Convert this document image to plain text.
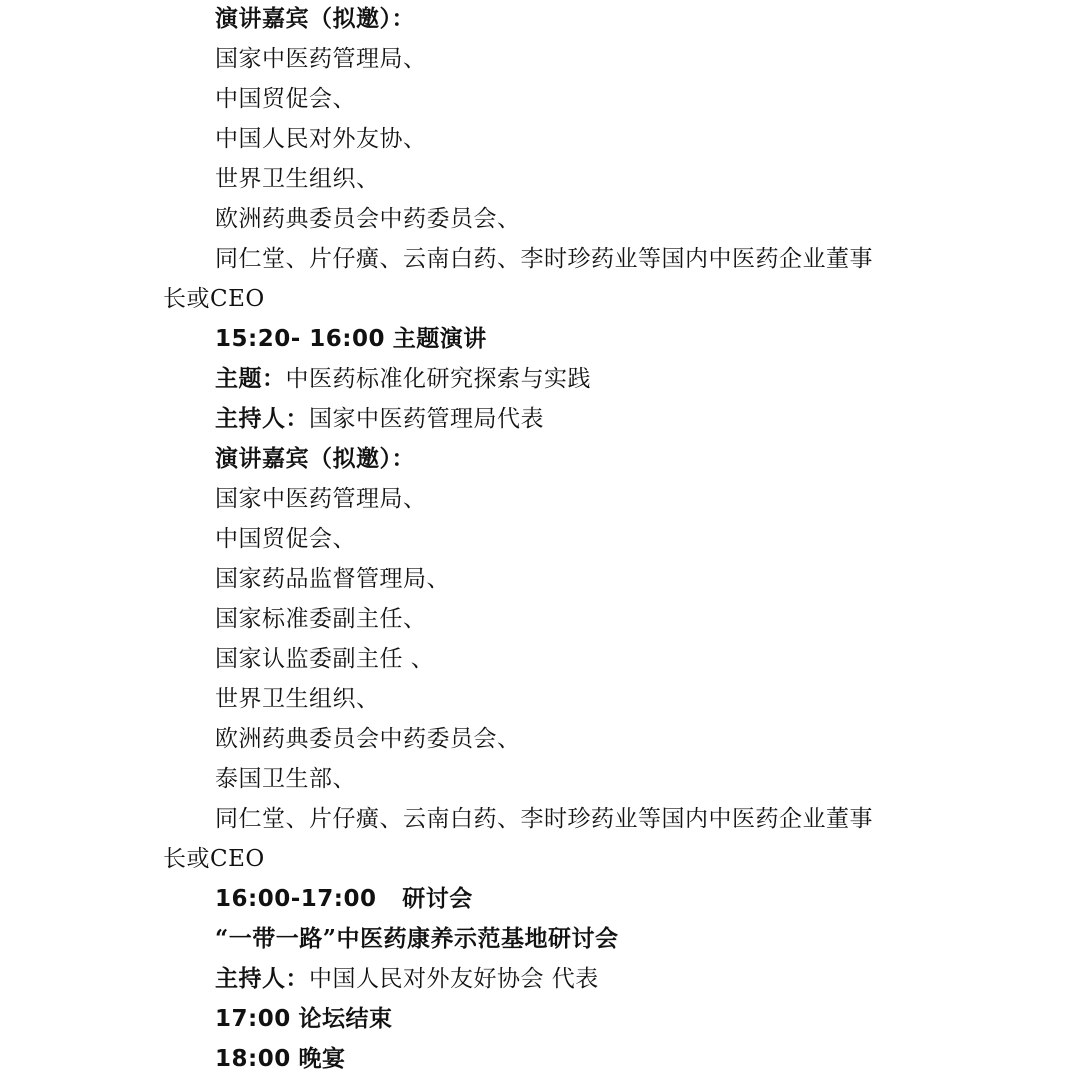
演讲嘉宾（拟邀）：
国家中医药管理局、
中国贸促会、
中国人民对外友协、
世界卫生组织、
欧洲药典委员会中药委员会、
同仁堂、片仔癀、云南白药、李时珍药业等国内中医药企业董事
长或CEO
15:20- 16:00 主题演讲
主题：中医药标准化研究探索与实践
主持人：国家中医药管理局代表
演讲嘉宾（拟邀）：
国家中医药管理局、
中国贸促会、
国家药品监督管理局、
国家标准委副主任、
国家认监委副主任 、
世界卫生组织、
欧洲药典委员会中药委员会、
泰国卫生部、
同仁堂、片仔癀、云南白药、李时珍药业等国内中医药企业董事
长或CEO
16:00-17:00 研讨会
“一带一路”中医药康养示范基地研讨会
主持人：中国人民对外友好协会 代表
17:00 论坛结束
18:00 晚宴
